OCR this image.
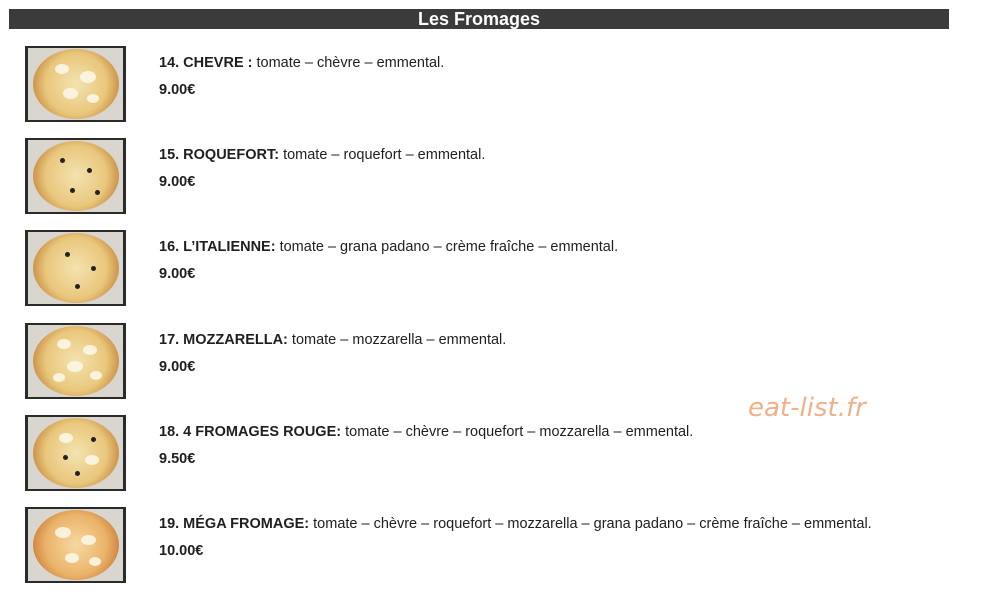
Les Fromages
14. CHEVRE : tomate – chèvre – emmental.
9.00€
15. ROQUEFORT: tomate – roquefort – emmental.
9.00€
16. L’ITALIENNE: tomate – grana padano – crème fraîche – emmental.
9.00€
17. MOZZARELLA: tomate – mozzarella – emmental.
9.00€
18. 4 FROMAGES ROUGE: tomate – chèvre – roquefort – mozzarella – emmental.
9.50€
19. MÉGA FROMAGE: tomate – chèvre – roquefort – mozzarella – grana padano – crème fraîche – emmental.
10.00€
eat-list.fr
